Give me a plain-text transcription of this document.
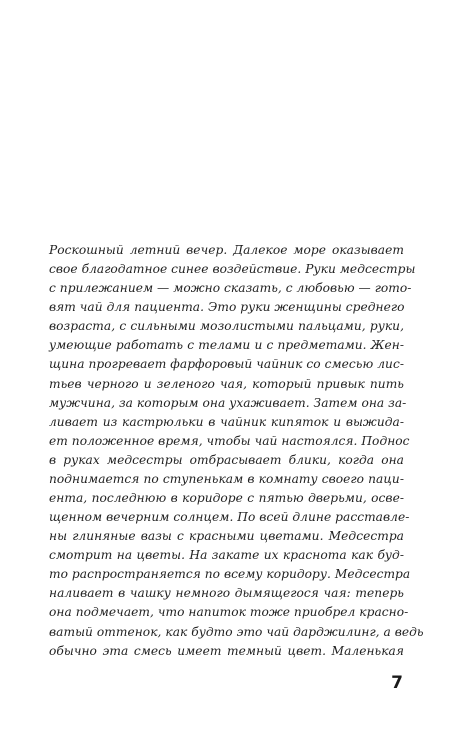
Роскошный летний вечер. Далекое море оказывает
свое благодатное синее воздействие. Руки медсестры
с прилежанием — можно сказать, с любовью — гото-
вят чай для пациента. Это руки женщины среднего
возраста, с сильными мозолистыми пальцами, руки,
умеющие работать с телами и с предметами. Жен-
щина прогревает фарфоровый чайник со смесью лис-
тьев черного и зеленого чая, который привык пить
мужчина, за которым она ухаживает. Затем она за-
ливает из кастрюльки в чайник кипяток и выжида-
ет положенное время, чтобы чай настоялся. Поднос
в руках медсестры отбрасывает блики, когда она
поднимается по ступенькам в комнату своего паци-
ента, последнюю в коридоре с пятью дверьми, осве-
щенном вечерним солнцем. По всей длине расставле-
ны глиняные вазы с красными цветами. Медсестра
смотрит на цветы. На закате их краснота как буд-
то распространяется по всему коридору. Медсестра
наливает в чашку немного дымящегося чая: теперь
она подмечает, что напиток тоже приобрел красно-
ватый оттенок, как будто это чай дарджилинг, а ведь
обычно эта смесь имеет темный цвет. Маленькая
7
